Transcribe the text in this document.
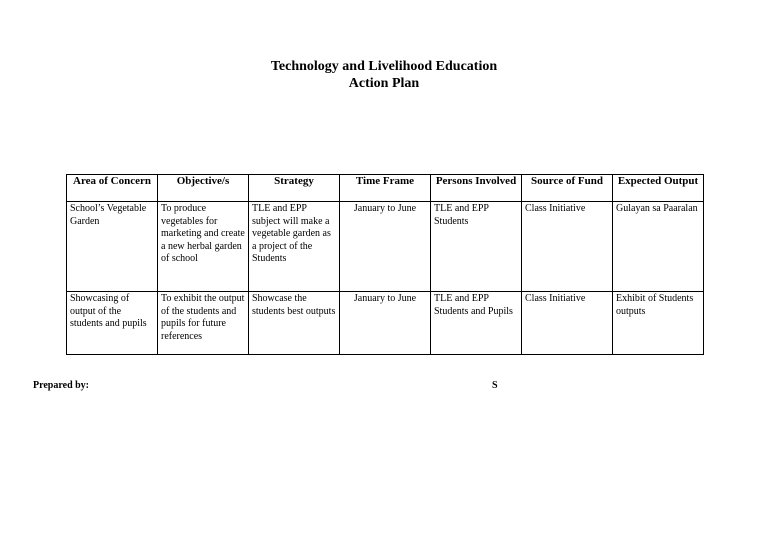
Technology and Livelihood Education
Action Plan
Area of Concern	Objective/s	Strategy	Time Frame	Persons Involved	Source of Fund	Expected Output
School’s Vegetable Garden	To produce vegetables for marketing and create a new herbal garden of school	TLE and EPP subject will make a vegetable garden as a project of the Students	January to June	TLE and EPP Students	Class Initiative	Gulayan sa Paaralan
Showcasing of output of the students and pupils	To exhibit the output of the students and pupils for future references	Showcase the students best outputs	January to June	TLE and EPP Students and Pupils	Class Initiative	Exhibit of Students outputs
Prepared by:	S
